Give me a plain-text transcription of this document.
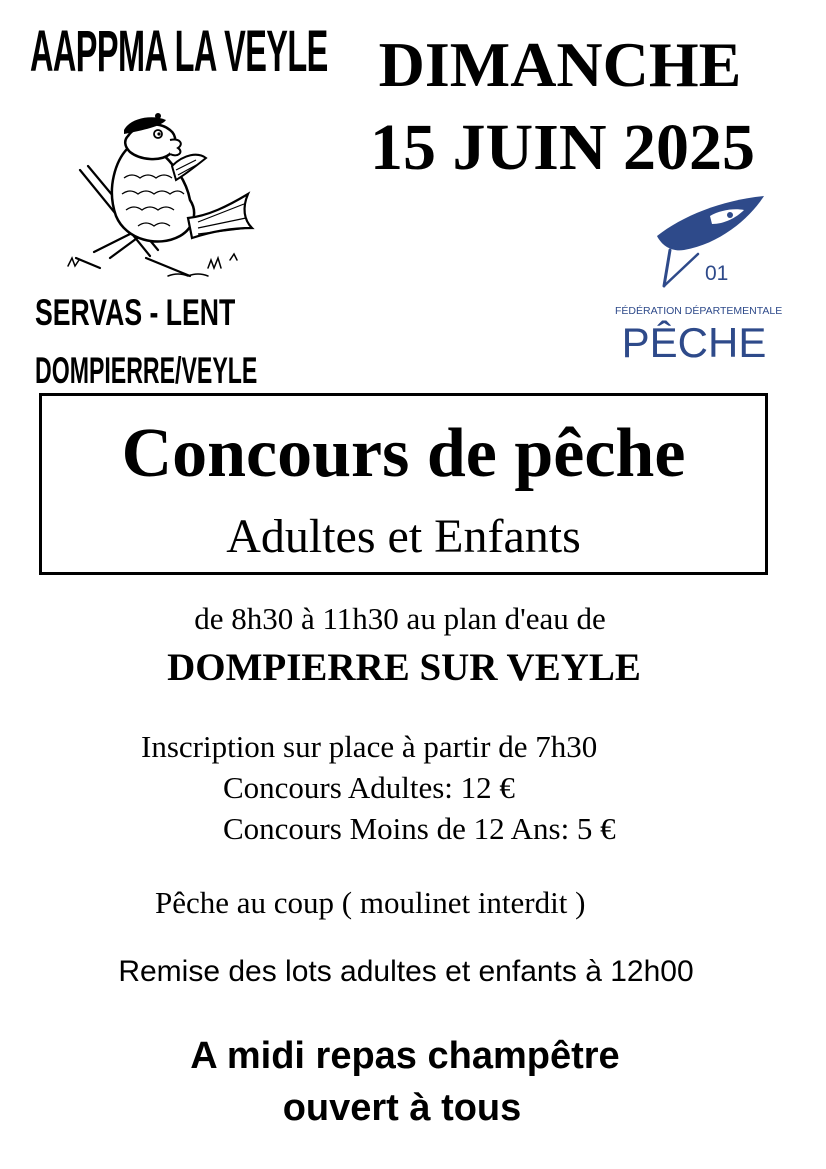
AAPPMA LA VEYLE
SERVAS - LENT
DOMPIERRE/VEYLE
DIMANCHE
15 JUIN 2025
01
FÉDÉRATION DÉPARTEMENTALE
PÊCHE
Concours de pêche
Adultes et Enfants
de 8h30 à 11h30 au plan d'eau de
DOMPIERRE SUR VEYLE
Inscription sur place à partir de 7h30
Concours Adultes: 12 €
Concours Moins de 12 Ans: 5 €
Pêche au coup ( moulinet interdit )
Remise des lots adultes et enfants à 12h00
A midi repas champêtre
ouvert à tous
